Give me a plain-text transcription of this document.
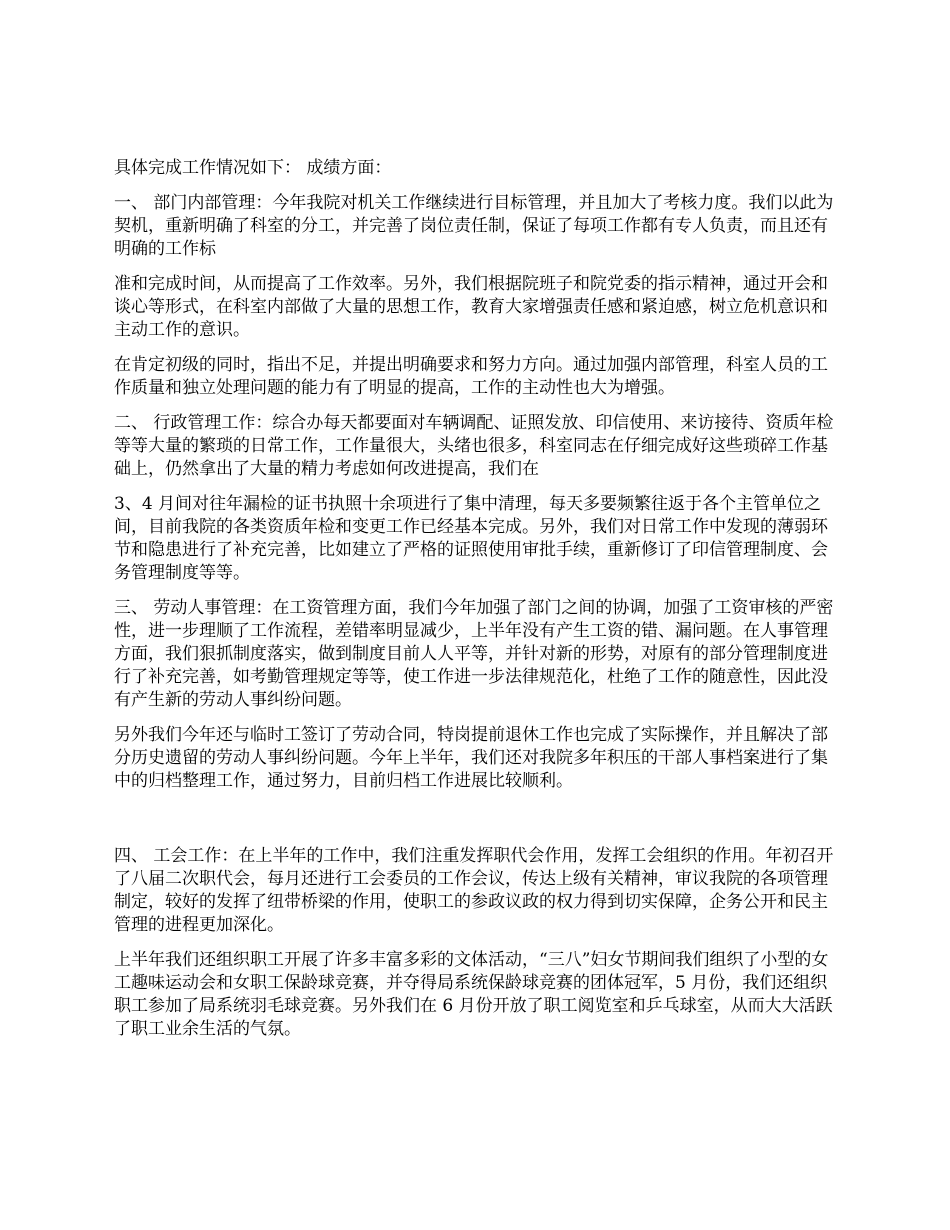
具体完成工作情况如下： 成绩方面：

一、 部门内部管理：今年我院对机关工作继续进行目标管理，并且加大了考核力度。我们以此为契机，重新明确了科室的分工，并完善了岗位责任制，保证了每项工作都有专人负责，而且还有明确的工作标

准和完成时间，从而提高了工作效率。另外，我们根据院班子和院党委的指示精神，通过开会和谈心等形式，在科室内部做了大量的思想工作，教育大家增强责任感和紧迫感，树立危机意识和主动工作的意识。

在肯定初级的同时，指出不足，并提出明确要求和努力方向。通过加强内部管理，科室人员的工作质量和独立处理问题的能力有了明显的提高，工作的主动性也大为增强。

二、 行政管理工作：综合办每天都要面对车辆调配、证照发放、印信使用、来访接待、资质年检等等大量的繁琐的日常工作，工作量很大，头绪也很多，科室同志在仔细完成好这些琐碎工作基础上，仍然拿出了大量的精力考虑如何改进提高，我们在

3、4 月间对往年漏检的证书执照十余项进行了集中清理，每天多要频繁往返于各个主管单位之间，目前我院的各类资质年检和变更工作已经基本完成。另外，我们对日常工作中发现的薄弱环节和隐患进行了补充完善，比如建立了严格的证照使用审批手续，重新修订了印信管理制度、会务管理制度等等。

三、 劳动人事管理：在工资管理方面，我们今年加强了部门之间的协调，加强了工资审核的严密性，进一步理顺了工作流程，差错率明显减少，上半年没有产生工资的错、漏问题。在人事管理方面，我们狠抓制度落实，做到制度目前人人平等，并针对新的形势，对原有的部分管理制度进行了补充完善，如考勤管理规定等等，使工作进一步法律规范化，杜绝了工作的随意性，因此没有产生新的劳动人事纠纷问题。

另外我们今年还与临时工签订了劳动合同，特岗提前退休工作也完成了实际操作，并且解决了部分历史遗留的劳动人事纠纷问题。今年上半年，我们还对我院多年积压的干部人事档案进行了集中的归档整理工作，通过努力，目前归档工作进展比较顺利。

四、 工会工作：在上半年的工作中，我们注重发挥职代会作用，发挥工会组织的作用。年初召开了八届二次职代会，每月还进行工会委员的工作会议，传达上级有关精神，审议我院的各项管理制定，较好的发挥了纽带桥梁的作用，使职工的参政议政的权力得到切实保障，企务公开和民主管理的进程更加深化。

上半年我们还组织职工开展了许多丰富多彩的文体活动，“三八”妇女节期间我们组织了小型的女工趣味运动会和女职工保龄球竞赛，并夺得局系统保龄球竞赛的团体冠军，5 月份，我们还组织职工参加了局系统羽毛球竞赛。另外我们在 6 月份开放了职工阅览室和乒乓球室，从而大大活跃了职工业余生活的气氛。
